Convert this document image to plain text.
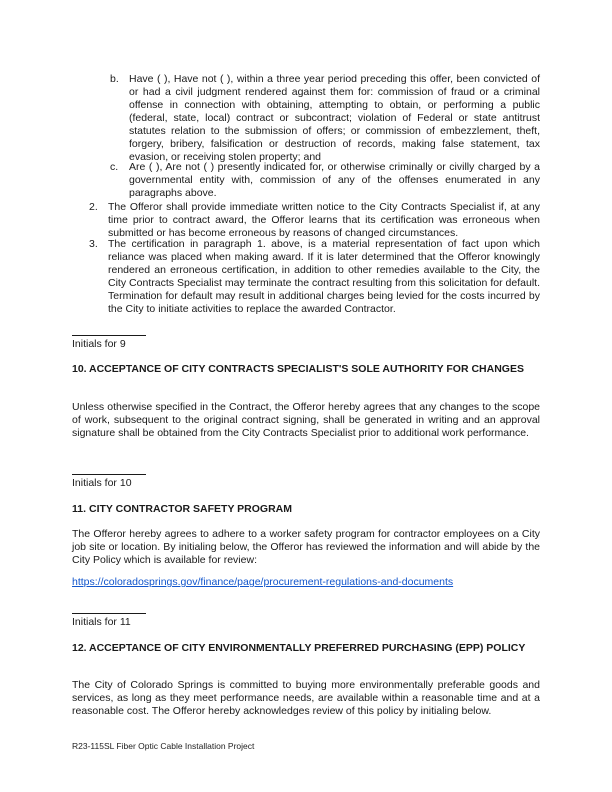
b. Have ( ), Have not ( ), within a three year period preceding this offer, been convicted of or had a civil judgment rendered against them for: commission of fraud or a criminal offense in connection with obtaining, attempting to obtain, or performing a public (federal, state, local) contract or subcontract; violation of Federal or state antitrust statutes relation to the submission of offers; or commission of embezzlement, theft, forgery, bribery, falsification or destruction of records, making false statement, tax evasion, or receiving stolen property; and
c. Are ( ), Are not ( ) presently indicated for, or otherwise criminally or civilly charged by a governmental entity with, commission of any of the offenses enumerated in any paragraphs above.
2. The Offeror shall provide immediate written notice to the City Contracts Specialist if, at any time prior to contract award, the Offeror learns that its certification was erroneous when submitted or has become erroneous by reasons of changed circumstances.
3. The certification in paragraph 1. above, is a material representation of fact upon which reliance was placed when making award. If it is later determined that the Offeror knowingly rendered an erroneous certification, in addition to other remedies available to the City, the City Contracts Specialist may terminate the contract resulting from this solicitation for default. Termination for default may result in additional charges being levied for the costs incurred by the City to initiate activities to replace the awarded Contractor.
Initials for 9
10. ACCEPTANCE OF CITY CONTRACTS SPECIALIST'S SOLE AUTHORITY FOR CHANGES
Unless otherwise specified in the Contract, the Offeror hereby agrees that any changes to the scope of work, subsequent to the original contract signing, shall be generated in writing and an approval signature shall be obtained from the City Contracts Specialist prior to additional work performance.
Initials for 10
11. CITY CONTRACTOR SAFETY PROGRAM
The Offeror hereby agrees to adhere to a worker safety program for contractor employees on a City job site or location. By initialing below, the Offeror has reviewed the information and will abide by the City Policy which is available for review:
https://coloradosprings.gov/finance/page/procurement-regulations-and-documents
Initials for 11
12. ACCEPTANCE OF CITY ENVIRONMENTALLY PREFERRED PURCHASING (EPP) POLICY
The City of Colorado Springs is committed to buying more environmentally preferable goods and services, as long as they meet performance needs, are available within a reasonable time and at a reasonable cost. The Offeror hereby acknowledges review of this policy by initialing below.
R23-115SL Fiber Optic Cable Installation Project
